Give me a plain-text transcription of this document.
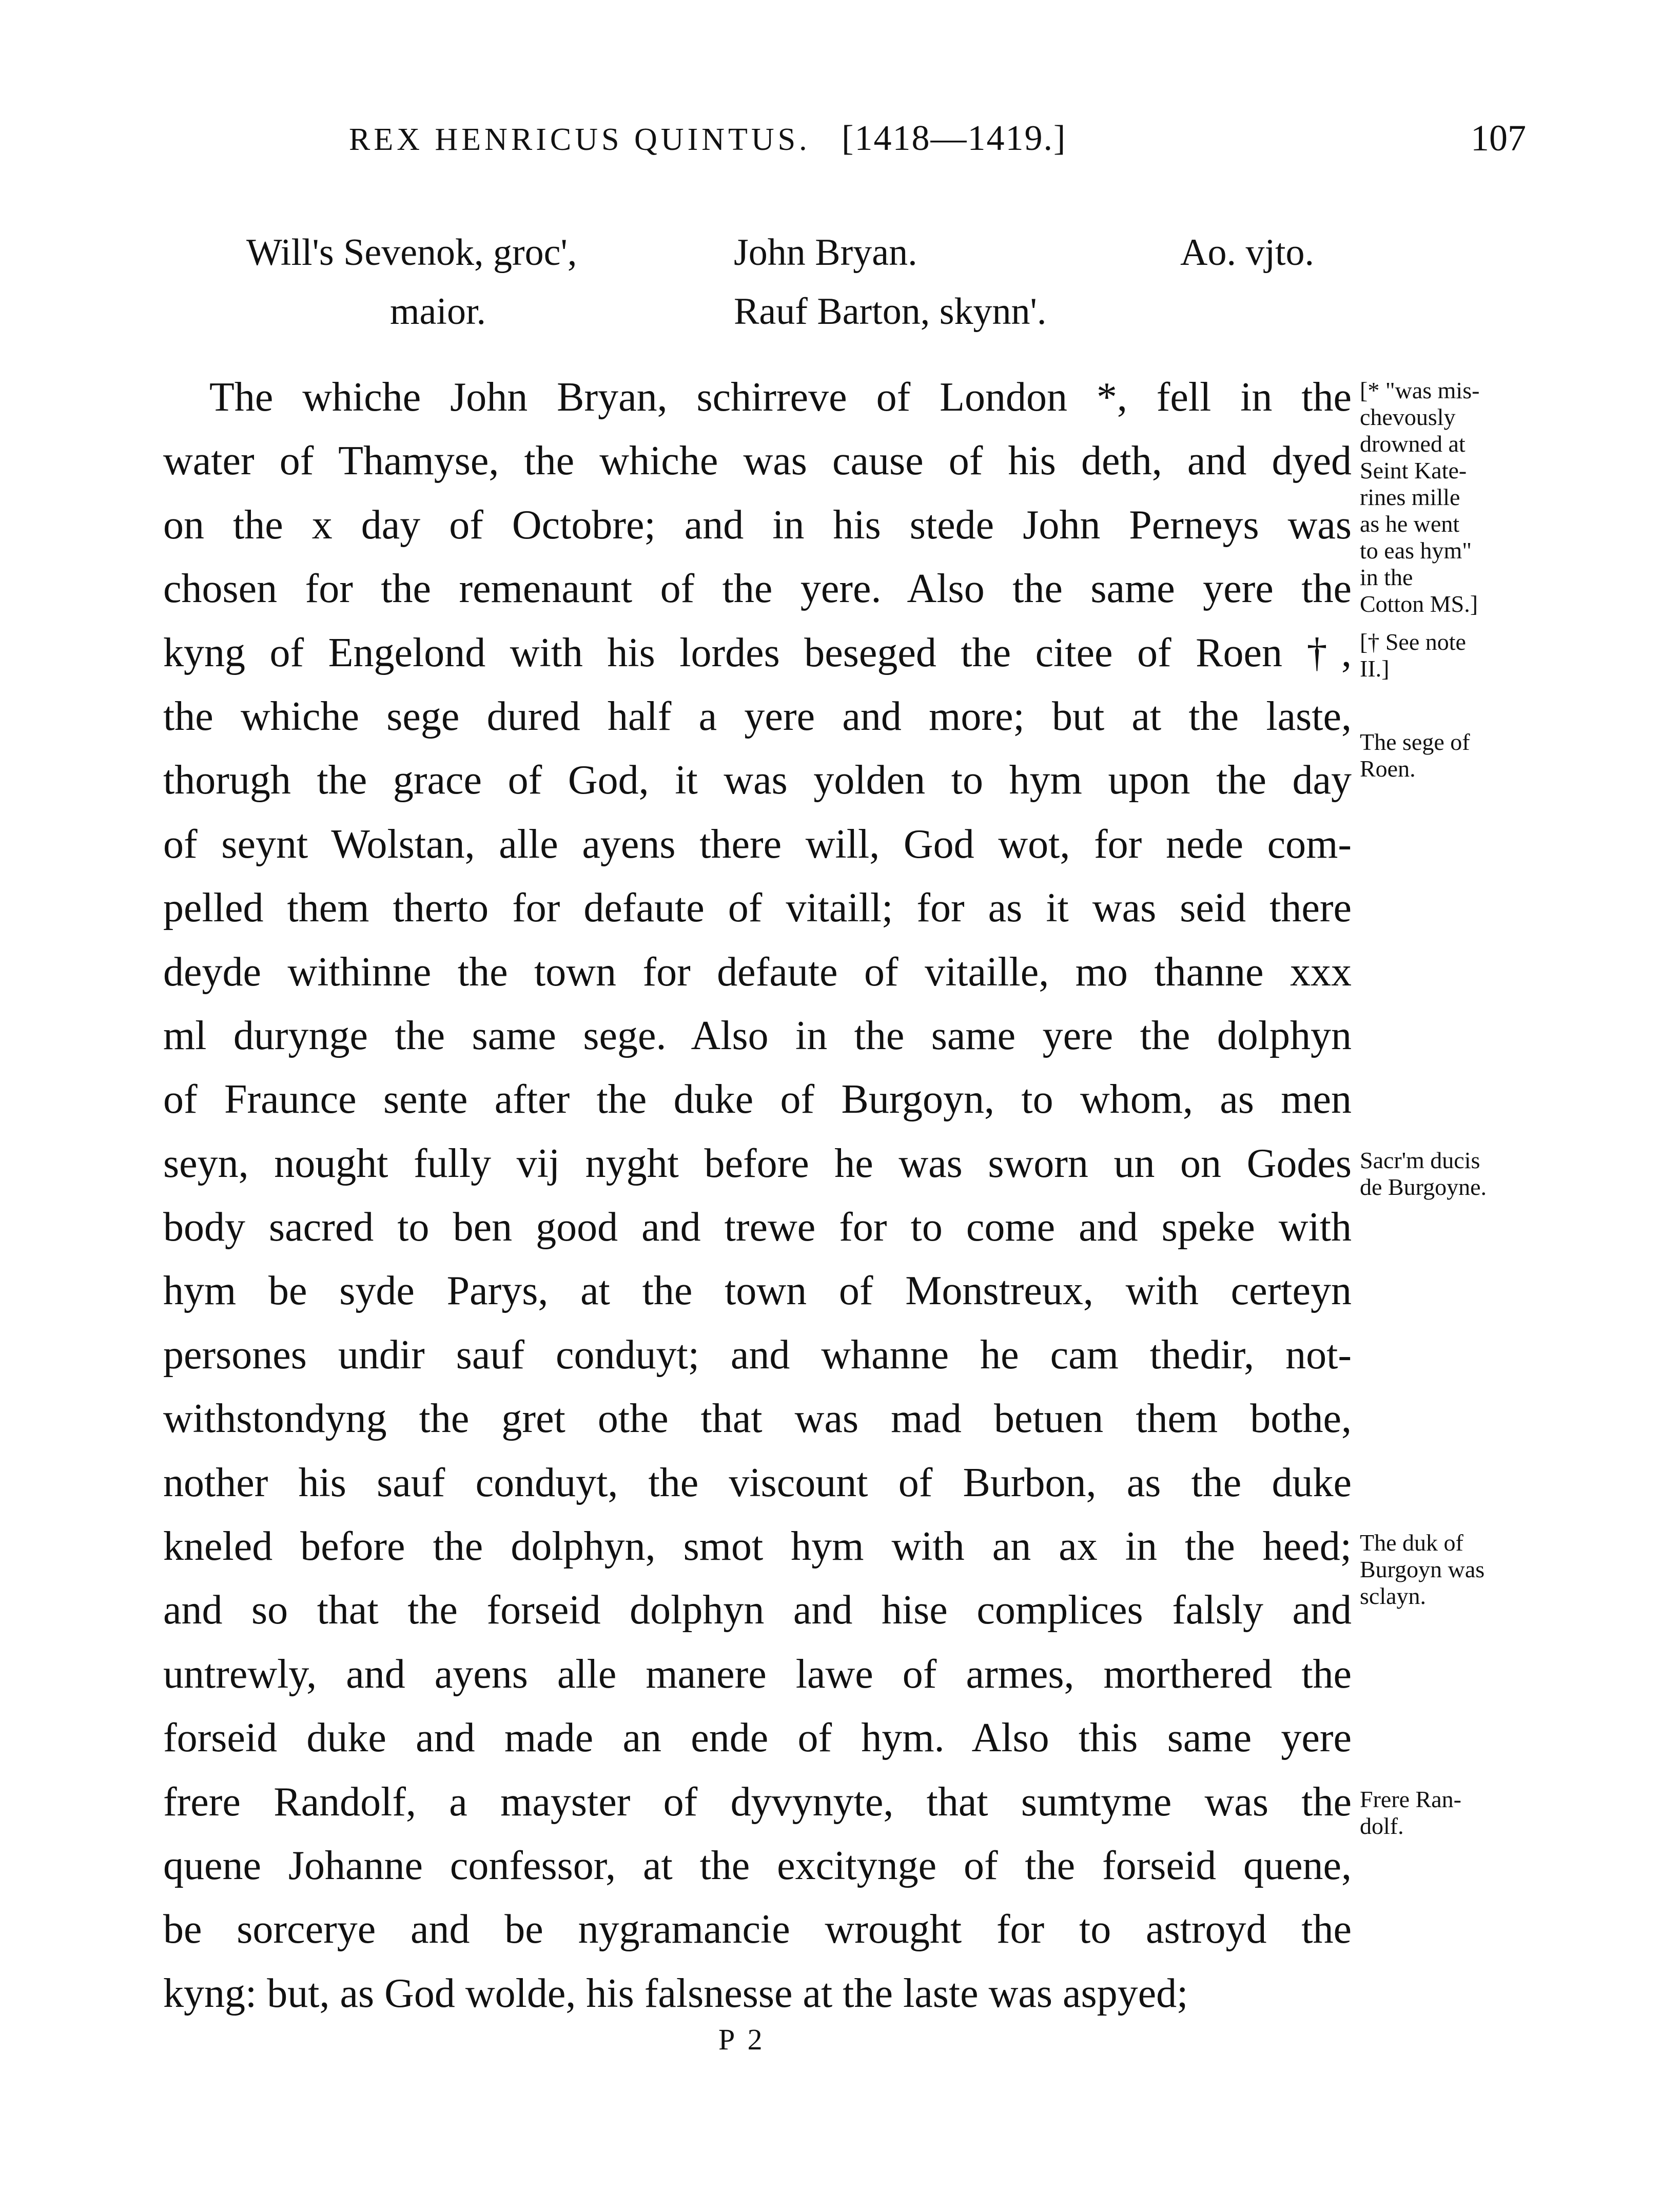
REX HENRICUS QUINTUS. [1418—1419.]	107
Will's Sevenok, groc',
maior.
John Bryan.
Rauf Barton, skynn'.
Ao. vjto.
The whiche John Bryan, schirreve of London *, fell in the
water of Thamyse, the whiche was cause of his deth, and dyed
on the x day of Octobre; and in his stede John Perneys was
chosen for the remenaunt of the yere. Also the same yere the
kyng of Engelond with his lordes beseged the citee of Roen †,
the whiche sege dured half a yere and more; but at the laste,
thorugh the grace of God, it was yolden to hym upon the day
of seynt Wolstan, alle ayens there will, God wot, for nede com-
pelled them therto for defaute of vitaill; for as it was seid there
deyde withinne the town for defaute of vitaille, mo thanne xxx
ml durynge the same sege. Also in the same yere the dolphyn
of Fraunce sente after the duke of Burgoyn, to whom, as men
seyn, nought fully vij nyght before he was sworn un on Godes
body sacred to ben good and trewe for to come and speke with
hym be syde Parys, at the town of Monstreux, with certeyn
persones undir sauf conduyt; and whanne he cam thedir, not-
withstondyng the gret othe that was mad betuen them bothe,
nother his sauf conduyt, the viscount of Burbon, as the duke
kneled before the dolphyn, smot hym with an ax in the heed;
and so that the forseid dolphyn and hise complices falsly and
untrewly, and ayens alle manere lawe of armes, morthered the
forseid duke and made an ende of hym. Also this same yere
frere Randolf, a mayster of dyvynyte, that sumtyme was the
quene Johanne confessor, at the excitynge of the forseid quene,
be sorcerye and be nygramancie wrought for to astroyd the
kyng: but, as God wolde, his falsnesse at the laste was aspyed;
[* "was mis-
chevously
drowned at
Seint Kate-
rines mille
as he went
to eas hym"
in the
Cotton MS.]
[† See note
II.]
The sege of
Roen.
Sacr'm ducis
de Burgoyne.
The duk of
Burgoyn was
sclayn.
Frere Ran-
dolf.
P 2
